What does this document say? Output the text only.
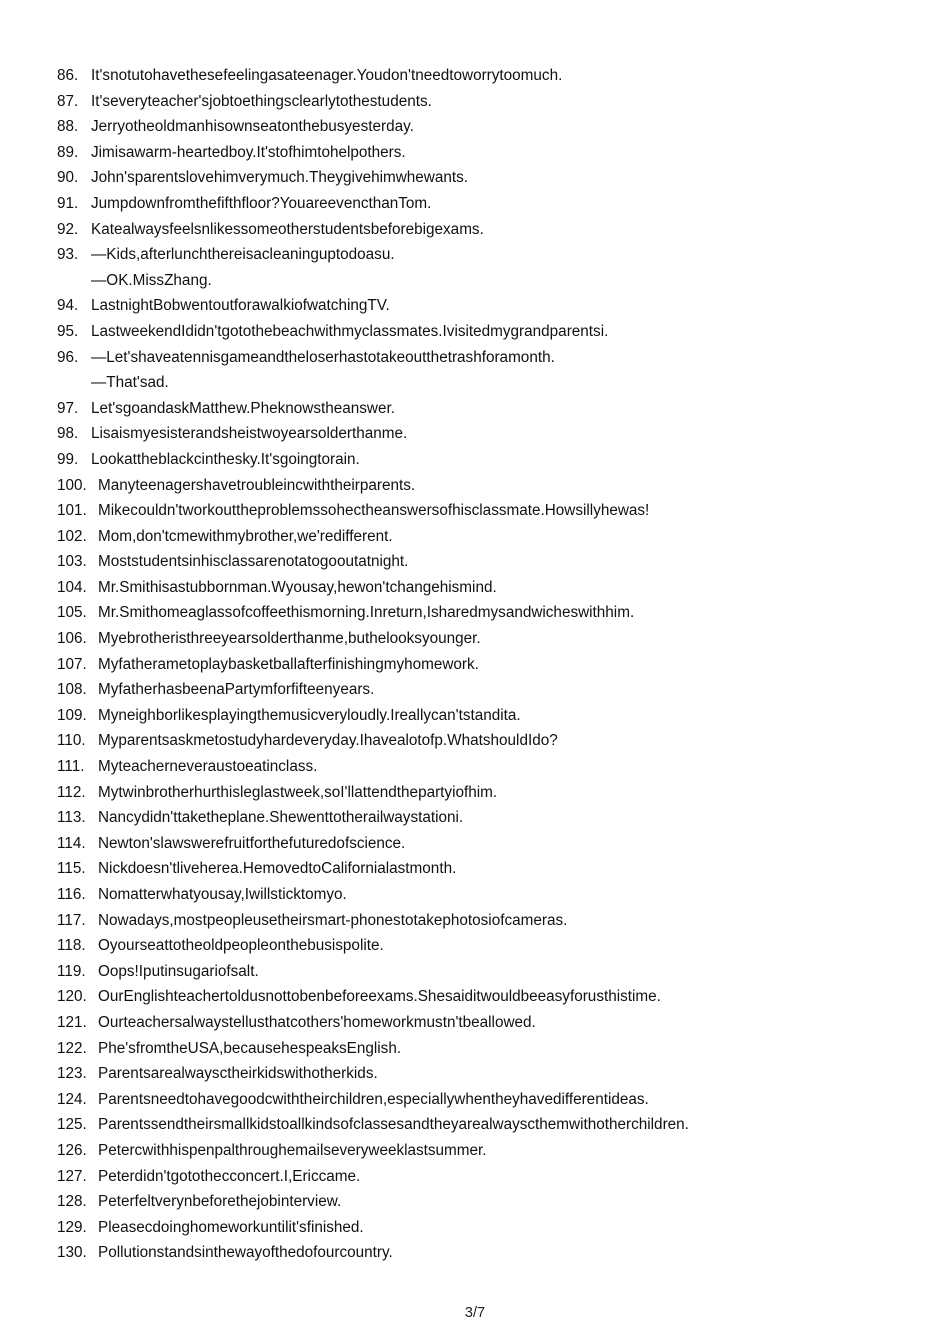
86. It'snotutohavethesefeelingasateenager.Youdon'tneedtoworrytoomuch.
87. It'severyteacher'sjobtoethingsclearlytothestudents.
88. Jerryotheoldmanhisownseatonthebusyesterday.
89. Jimisawarm-heartedboy.It'stofhimtohelpothers.
90. John'sparentslovehimverymuch.Theygivehimwhewants.
91. Jumpdownfromthefifthfloor?YouareevencthanTom.
92. Katealwaysfeelsnlikessomeotherstudentsbeforebigexams.
93. —Kids,afterlunchthereisacleaninguptodoasu.
—OK.MissZhang.
94. LastnightBobwentoutforawalkiofwatchingTV.
95. LastweekendIdidn'tgotothebeachwithmyclassmates.Ivisitedmygrandparentsi.
96. —Let'shaveatennisgameandtheloserhastotakeoutthetrashforamonth.
—That'sad.
97. Let'sgoandaskMatthew.Pheknowstheanswer.
98. Lisaismyesisterandsheistwoyearsolderthanme.
99. Lookattheblackcinthesky.It'sgoingtorain.
100. Manyteenagershavetroubleincwiththeirparents.
101. Mikecouldn'tworkouttheproblemssohectheanswersofhisclassmate.Howsillyhewas!
102. Mom,don'tcmewithmybrother,we'redifferent.
103. Moststudentsinhisclassarenotatogooutatnight.
104. Mr.Smithisastubbornman.Wyousay,hewon'tchangehismind.
105. Mr.Smithomeaglassofcoffeethismorning.Inreturn,Isharedmysandwicheswithhim.
106. Myebrotheristhreeyearsolderthanme,buthelooksyounger.
107. Myfatherametoplaybasketballafterfinishingmyhomework.
108. MyfatherhasbeenaPartymforfifteenyears.
109. Myneighborlikesplayingthemusicveryloudly.Ireallycan'tstandita.
110. Myparentsaskmetostudyhardeveryday.Ihavealotofp.WhatshouldIdo?
111. Myteacherneveraustoeatinclass.
112. Mytwinbrotherhurthisleglastweek,soI'llattendthepartyiofhim.
113. Nancydidn'ttaketheplane.Shewenttotherailwaystationi.
114. Newton'slawswerefruitforthefuturedofscience.
115. Nickdoesn'tliveherea.HemovedtoCalifornialastmonth.
116. Nomatterwhatyousay,Iwillsticktomyo.
117. Nowadays,mostpeopleusetheirsmart-phonestotakephotosiofcameras.
118. Oyourseattotheoldpeopleonthebusispolite.
119. Oops!Iputinsugariofsalt.
120. OurEnglishteachertoldusnottobenbeforeexams.Shesaiditwouldbeeasyforusthistime.
121. Ourteachersalwaystellusthatcothers'homeworkmustn'tbeallowed.
122. Phe'sfromtheUSA,becausehespeaksEnglish.
123. Parentsarealwaysctheirkidswithotherkids.
124. Parentsneedtohavegoodcwiththeirchildren,especiallywhentheyhavedifferentideas.
125. Parentssendtheirsmallkidstoallkindsofclassesandtheyarealwayscthemwithotherchildren.
126. Petercwithhispenpalthroughemailseveryweeklastsummer.
127. Peterdidn'tgotothecconcert.I,Ericcame.
128. Peterfeltverynbeforethejobinterview.
129. Pleasecdoinghomeworkuntilit'sfinished.
130. Pollutionstandsinthewayofthedofourcountry.
3/7
